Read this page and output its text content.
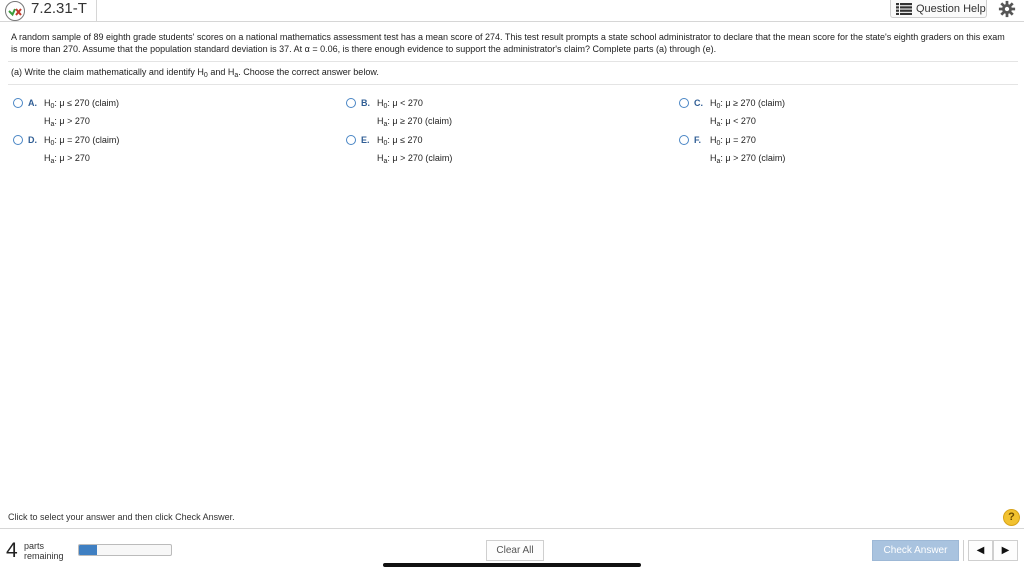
7.2.31-T	Question Help
A random sample of 89 eighth grade students' scores on a national mathematics assessment test has a mean score of 274. This test result prompts a state school administrator to declare that the mean score for the state's eighth graders on this exam is more than 270. Assume that the population standard deviation is 37. At α = 0.06, is there enough evidence to support the administrator's claim? Complete parts (a) through (e).
(a) Write the claim mathematically and identify $H_0$ and $H_a$. Choose the correct answer below.
A. $H_0$: μ ≤ 270 (claim)
$H_a$: μ > 270
B. $H_0$: μ < 270
$H_a$: μ ≥ 270 (claim)
C. $H_0$: μ ≥ 270 (claim)
$H_a$: μ < 270
D. $H_0$: μ = 270 (claim)
$H_a$: μ > 270
E. $H_0$: μ ≤ 270
$H_a$: μ > 270 (claim)
F. $H_0$: μ = 270
$H_a$: μ > 270 (claim)
Click to select your answer and then click Check Answer.	?
4 parts
remaining	Clear All	Check Answer	◀	▶
